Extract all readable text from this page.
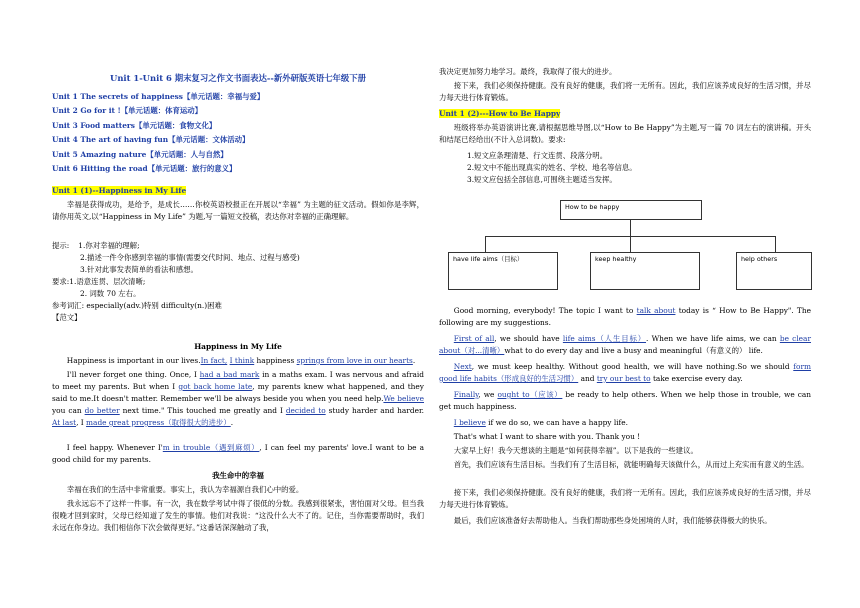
Unit 1-Unit 6 期末复习之作文书面表达--新外研版英语七年级下册
Unit 1 The secrets of happiness【单元话题：幸福与爱】
Unit 2 Go for it !【单元话题：体育运动】
Unit 3 Food matters【单元话题：食物文化】
Unit 4 The art of having fun【单元话题：文体活动】
Unit 5 Amazing nature【单元话题：人与自然】
Unit 6 Hitting the road【单元话题：旅行的意义】
Unit 1 (1)--Happiness in My Life
幸福是获得成功，是给予，是成长……你校英语校报正在开展以“幸福” 为主题的征文活动。假如你是李辉，请你用英文,以“Happiness in My Life” 为题,写一篇短文投稿，表达你对幸福的正确理解。
提示: 1.你对幸福的理解;
2.描述一件令你感到幸福的事情(需要交代时间、地点、过程与感受)
3.针对此事发表简单的看法和感想。
要求:1.语意连贯、层次清晰;
2. 词数 70 左右。
参考词汇: especially(adv.)特别 difficulty(n.)困难
【范文】
Happiness in My Life
Happiness is important in our lives.In fact, I think happiness springs from love in our hearts.
I'll never forget one thing. Once, I had a bad mark in a maths exam. I was nervous and afraid to meet my parents. But when I got back home late, my parents knew what happened, and they said to me.It doesn't matter. Remember we'll be always beside you when you need help.We believe you can do better next time." This touched me greatly and I decided to study harder and harder. At last, I made great progress（取得很大的进步）.
I feel happy. Whenever I'm in trouble（遇到麻烦）, I can feel my parents' love.I want to be a good child for my parents.
我生命中的幸福
幸福在我们的生活中非常重要。事实上，我认为幸福源自我们心中的爱。
我永远忘不了这样一件事。有一次，我在数学考试中得了很低的分数。我感到很紧张，害怕面对父母。但当我很晚才回到家时，父母已经知道了发生的事情。他们对我说：“这没什么大不了的。记住，当你需要帮助时，我们永远在你身边。我们相信你下次会做得更好。”这番话深深触动了我，
我决定更加努力地学习。最终，我取得了很大的进步。
接下来，我们必须保持健康。没有良好的健康，我们将一无所有。因此，我们应该养成良好的生活习惯，并尽力每天进行体育锻炼。
Unit 1 (2)---How to Be Happy
班级将举办英语演讲比赛,请根据思维导图,以“How to Be Happy”为主题,写一篇 70 词左右的演讲稿。开头和结尾已经给出(不计入总词数)。要求:
1.短文应条理清楚、行文连贯、段落分明。
2.短文中不能出现真实的姓名、学校、地名等信息。
3.短文应包括全部信息,可围绕主题适当发挥。
How to be happy
have life aims（目标）	keep healthy	help others
Good morning, everybody! The topic I want to talk about today is “ How to Be Happy". The following are my suggestions.
First of all, we should have life aims（人生目标）. When we have life aims, we can be clear about（对...清晰）what to do every day and live a busy and meaningful（有意义的） life.
Next, we must keep healthy. Without good health, we will have nothing.So we should form good life habits（形成良好的生活习惯） and try our best to take exercise every day.
Finally, we ought to（应该） be ready to help others. When we help those in trouble, we can get much happiness.
I believe if we do so, we can have a happy life.
That's what I want to share with you. Thank you !
大家早上好！我今天想谈的主题是“如何获得幸福”。以下是我的一些建议。
首先，我们应该有生活目标。当我们有了生活目标，就能明确每天该做什么，从而过上充实而有意义的生活。
接下来，我们必须保持健康。没有良好的健康，我们将一无所有。因此，我们应该养成良好的生活习惯，并尽力每天进行体育锻炼。
最后，我们应该准备好去帮助他人。当我们帮助那些身处困境的人时，我们能够获得极大的快乐。
